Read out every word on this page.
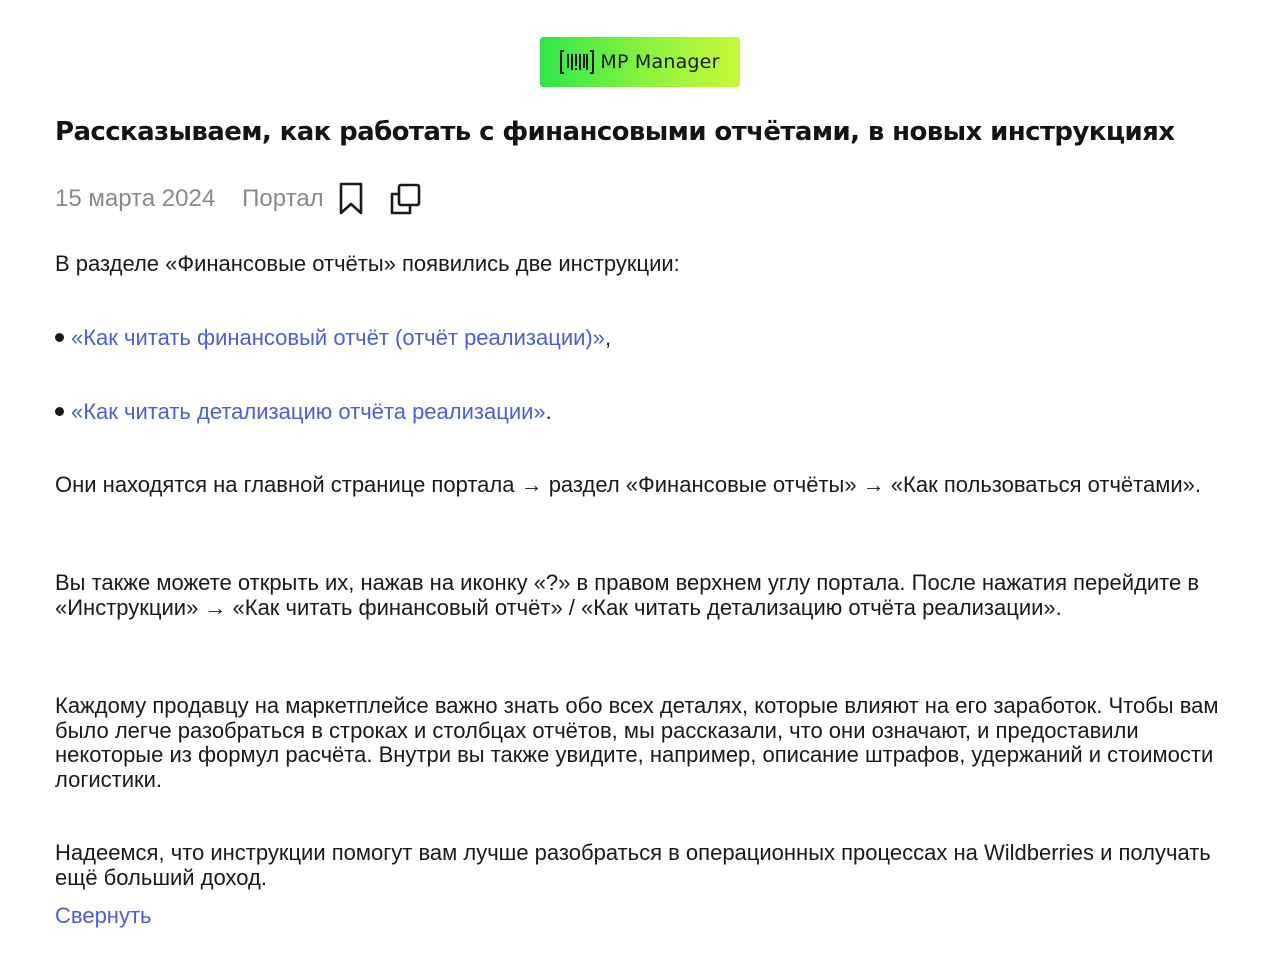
MP Manager
Рассказываем, как работать с финансовыми отчётами, в новых инструкциях
15 марта 2024 Портал

В разделе «Финансовые отчёты» появились две инструкции:

«Как читать финансовый отчёт (отчёт реализации)»,

«Как читать детализацию отчёта реализации».

Они находятся на главной странице портала → раздел «Финансовые отчёты» → «Как пользоваться отчётами».

Вы также можете открыть их, нажав на иконку «?» в правом верхнем углу портала. После нажатия перейдите в «Инструкции» → «Как читать финансовый отчёт» / «Как читать детализацию отчёта реализации».

Каждому продавцу на маркетплейсе важно знать обо всех деталях, которые влияют на его заработок. Чтобы вам было легче разобраться в строках и столбцах отчётов, мы рассказали, что они означают, и предоставили некоторые из формул расчёта. Внутри вы также увидите, например, описание штрафов, удержаний и стоимости логистики.

Надеемся, что инструкции помогут вам лучше разобраться в операционных процессах на Wildberries и получать ещё больший доход.

Свернуть
